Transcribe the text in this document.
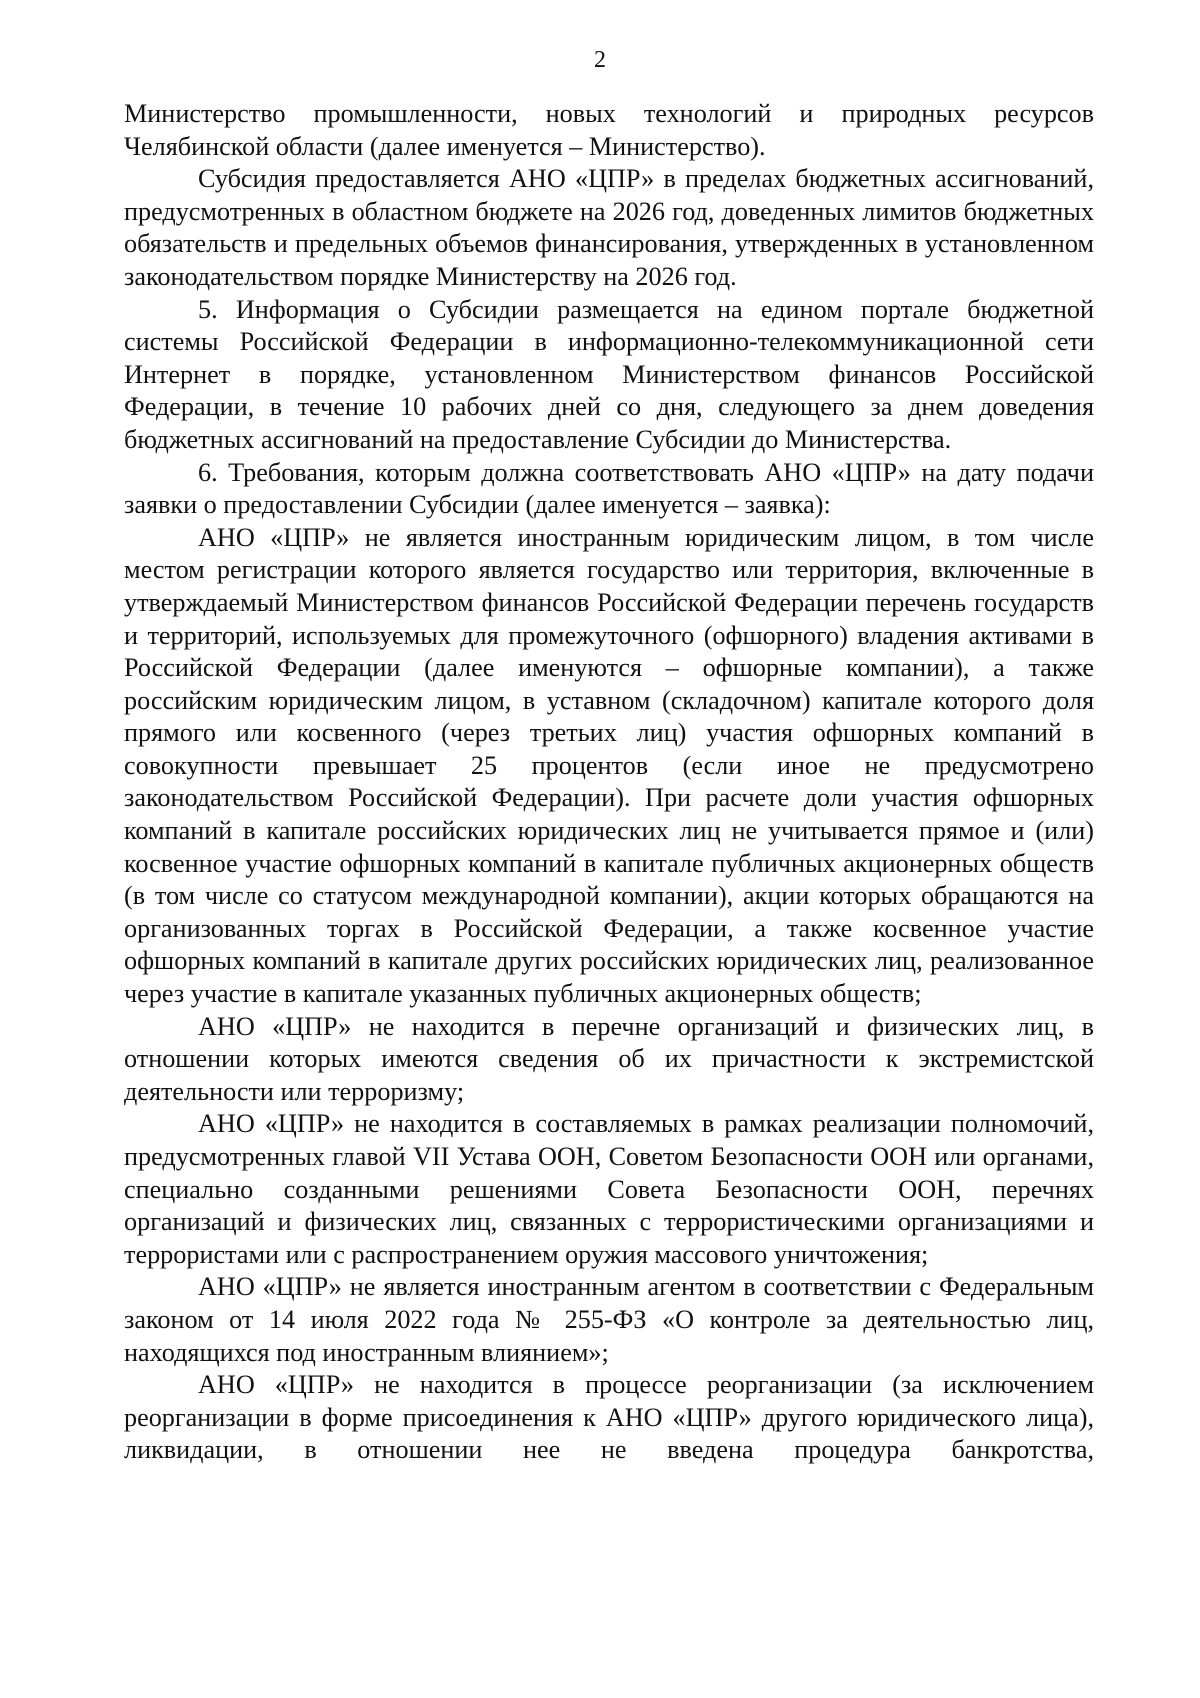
2

Министерство промышленности, новых технологий и природных ресурсов Челябинской области (далее именуется – Министерство).

Субсидия предоставляется АНО «ЦПР» в пределах бюджетных ассигнований, предусмотренных в областном бюджете на 2026 год, доведенных лимитов бюджетных обязательств и предельных объемов финансирования, утвержденных в установленном законодательством порядке Министерству на 2026 год.

5. Информация о Субсидии размещается на едином портале бюджетной системы Российской Федерации в информационно-телекоммуникационной сети Интернет в порядке, установленном Министерством финансов Российской Федерации, в течение 10 рабочих дней со дня, следующего за днем доведения бюджетных ассигнований на предоставление Субсидии до Министерства.

6. Требования, которым должна соответствовать АНО «ЦПР» на дату подачи заявки о предоставлении Субсидии (далее именуется – заявка):

АНО «ЦПР» не является иностранным юридическим лицом, в том числе местом регистрации которого является государство или территория, включенные в утверждаемый Министерством финансов Российской Федерации перечень государств и территорий, используемых для промежуточного (офшорного) владения активами в Российской Федерации (далее именуются – офшорные компании), а также российским юридическим лицом, в уставном (складочном) капитале которого доля прямого или косвенного (через третьих лиц) участия офшорных компаний в совокупности превышает 25 процентов (если иное не предусмотрено законодательством Российской Федерации). При расчете доли участия офшорных компаний в капитале российских юридических лиц не учитывается прямое и (или) косвенное участие офшорных компаний в капитале публичных акционерных обществ (в том числе со статусом международной компании), акции которых обращаются на организованных торгах в Российской Федерации, а также косвенное участие офшорных компаний в капитале других российских юридических лиц, реализованное через участие в капитале указанных публичных акционерных обществ;

АНО «ЦПР» не находится в перечне организаций и физических лиц, в отношении которых имеются сведения об их причастности к экстремистской деятельности или терроризму;

АНО «ЦПР» не находится в составляемых в рамках реализации полномочий, предусмотренных главой VII Устава ООН, Советом Безопасности ООН или органами, специально созданными решениями Совета Безопасности ООН, перечнях организаций и физических лиц, связанных с террористическими организациями и террористами или с распространением оружия массового уничтожения;

АНО «ЦПР» не является иностранным агентом в соответствии с Федеральным законом от 14 июля 2022 года № 255-ФЗ «О контроле за деятельностью лиц, находящихся под иностранным влиянием»;

АНО «ЦПР» не находится в процессе реорганизации (за исключением реорганизации в форме присоединения к АНО «ЦПР» другого юридического лица), ликвидации, в отношении нее не введена процедура банкротства,
